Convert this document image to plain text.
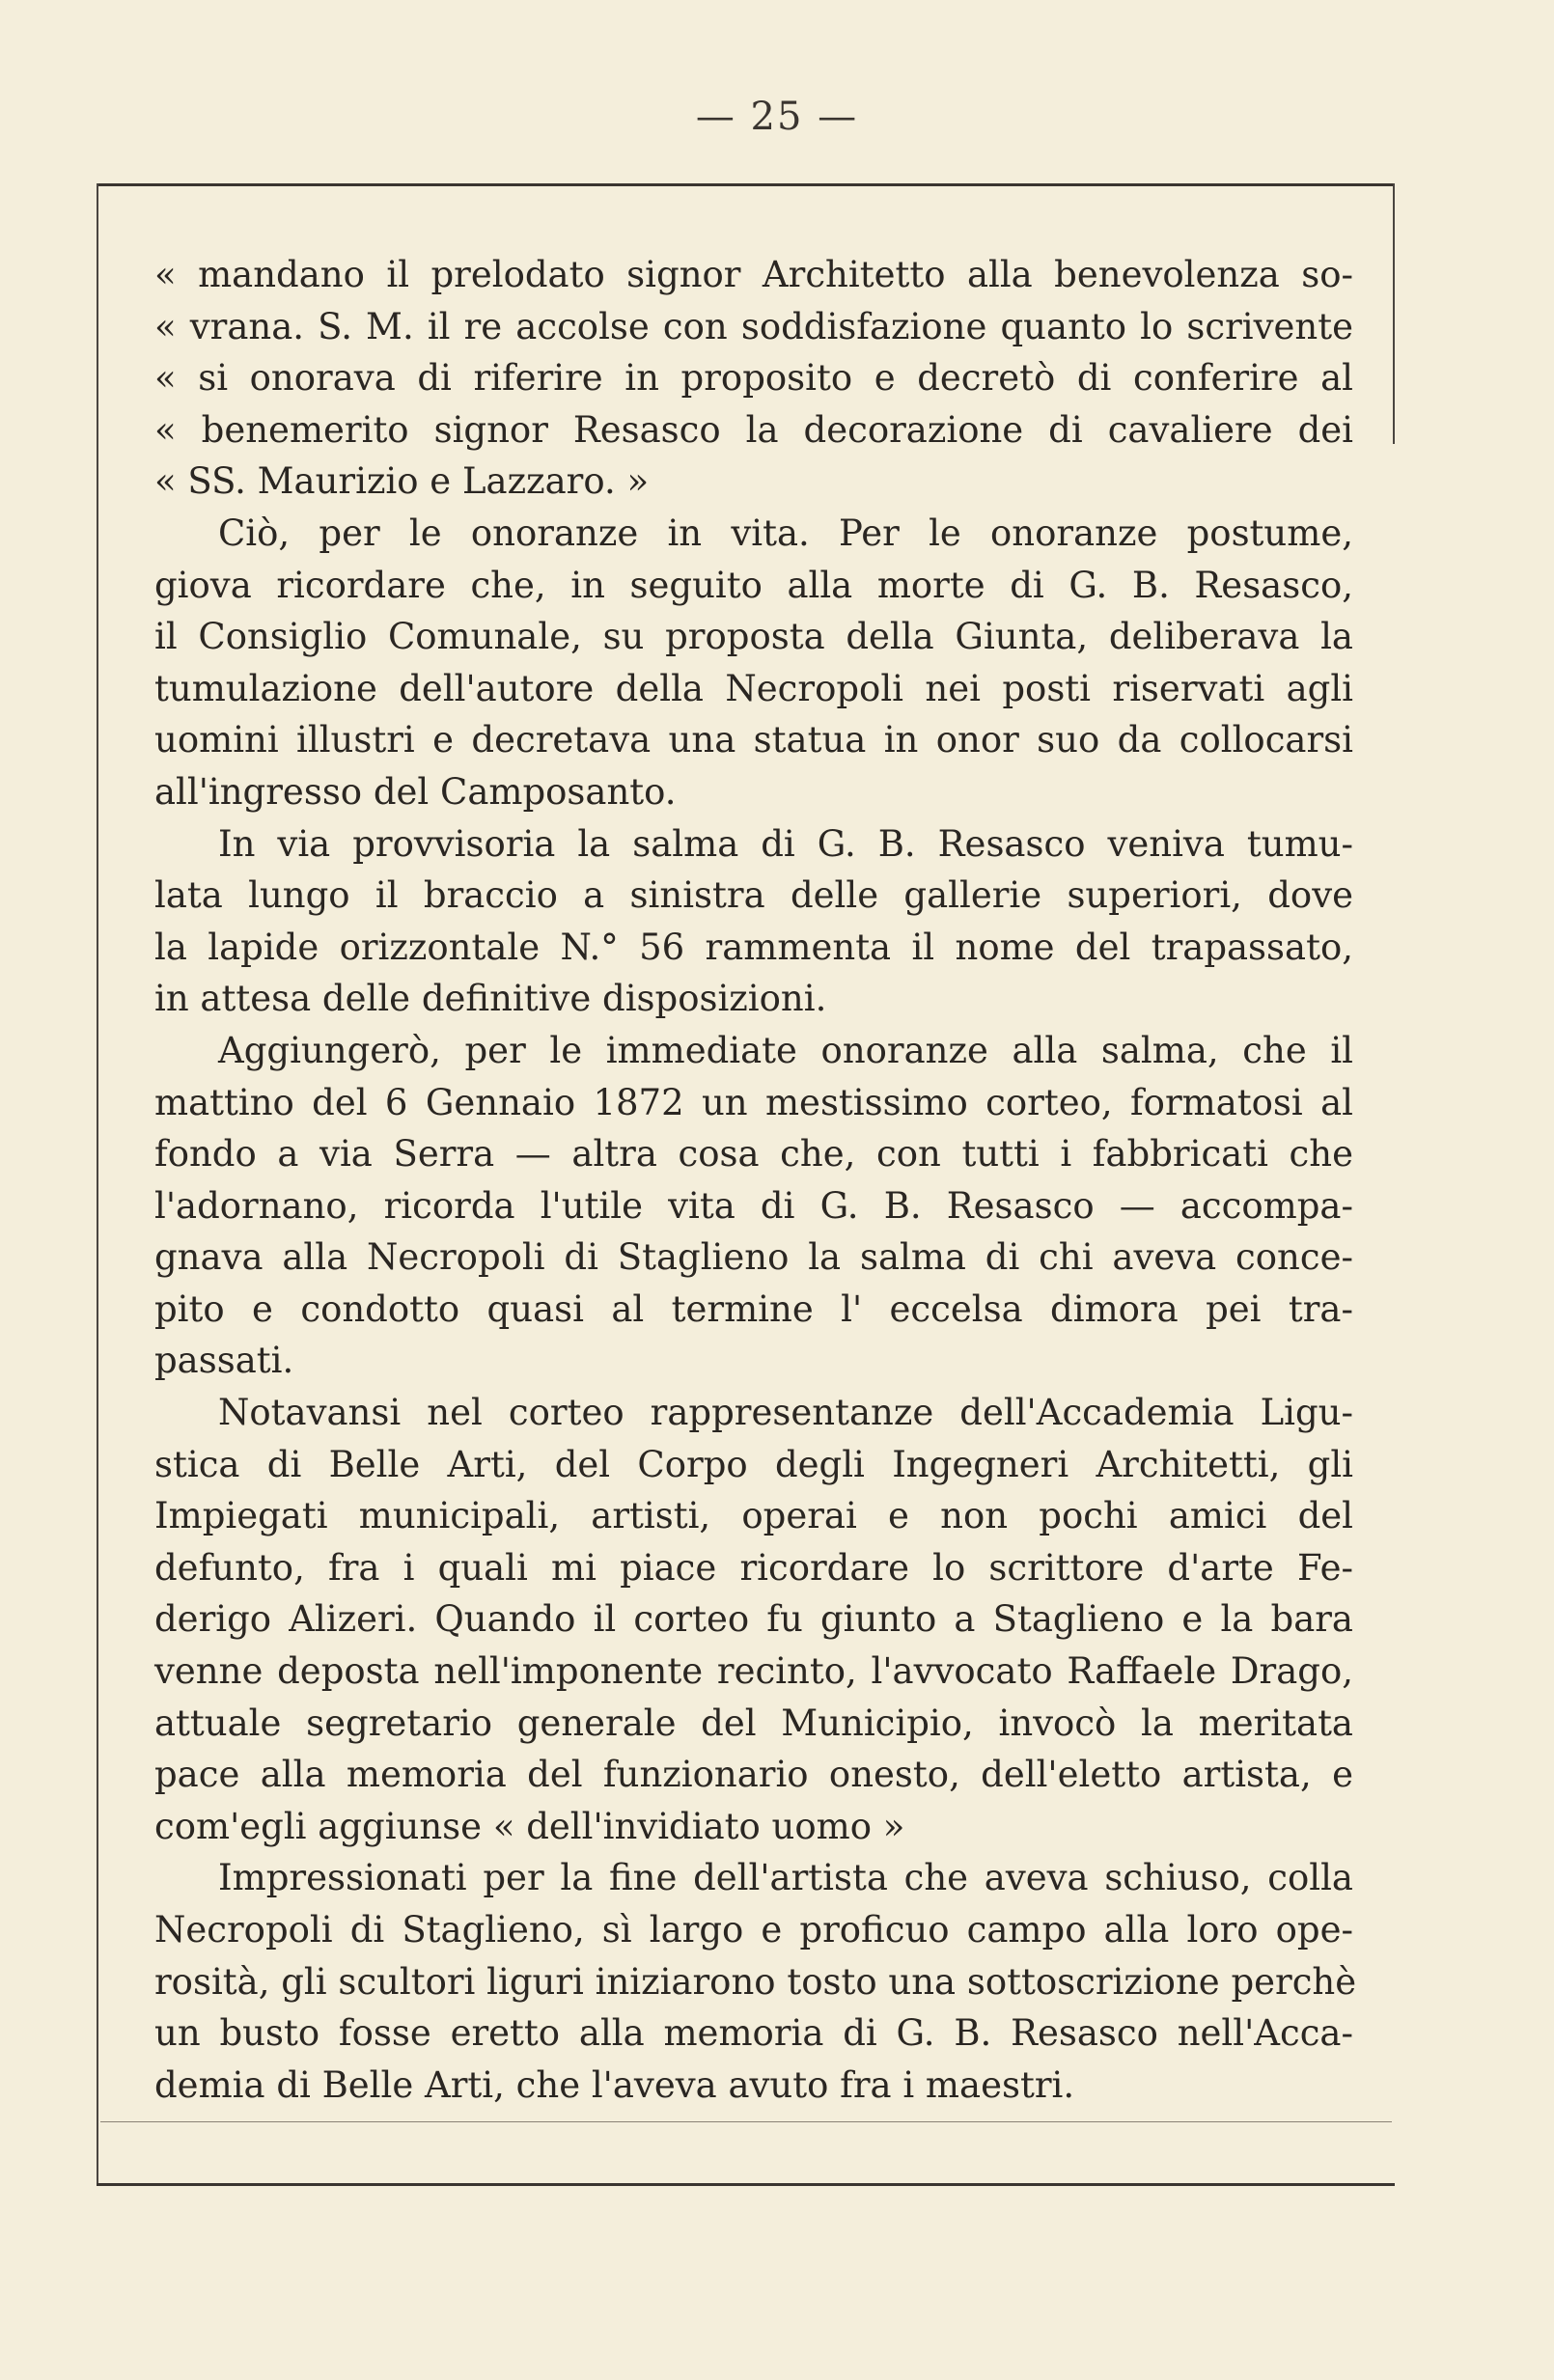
— 25 —
« mandano il prelodato signor Architetto alla benevolenza so-
« vrana. S. M. il re accolse con soddisfazione quanto lo scrivente
« si onorava di riferire in proposito e decretò di conferire al
« benemerito signor Resasco la decorazione di cavaliere dei
« SS. Maurizio e Lazzaro. »
Ciò, per le onoranze in vita. Per le onoranze postume,
giova ricordare che, in seguito alla morte di G. B. Resasco,
il Consiglio Comunale, su proposta della Giunta, deliberava la
tumulazione dell'autore della Necropoli nei posti riservati agli
uomini illustri e decretava una statua in onor suo da collocarsi
all'ingresso del Camposanto.
In via provvisoria la salma di G. B. Resasco veniva tumu-
lata lungo il braccio a sinistra delle gallerie superiori, dove
la lapide orizzontale N.° 56 rammenta il nome del trapassato,
in attesa delle definitive disposizioni.
Aggiungerò, per le immediate onoranze alla salma, che il
mattino del 6 Gennaio 1872 un mestissimo corteo, formatosi al
fondo a via Serra — altra cosa che, con tutti i fabbricati che
l'adornano, ricorda l'utile vita di G. B. Resasco — accompa-
gnava alla Necropoli di Staglieno la salma di chi aveva conce-
pito e condotto quasi al termine l' eccelsa dimora pei tra-
passati.
Notavansi nel corteo rappresentanze dell'Accademia Ligu-
stica di Belle Arti, del Corpo degli Ingegneri Architetti, gli
Impiegati municipali, artisti, operai e non pochi amici del
defunto, fra i quali mi piace ricordare lo scrittore d'arte Fe-
derigo Alizeri. Quando il corteo fu giunto a Staglieno e la bara
venne deposta nell'imponente recinto, l'avvocato Raffaele Drago,
attuale segretario generale del Municipio, invocò la meritata
pace alla memoria del funzionario onesto, dell'eletto artista, e
com'egli aggiunse « dell'invidiato uomo »
Impressionati per la fine dell'artista che aveva schiuso, colla
Necropoli di Staglieno, sì largo e proficuo campo alla loro ope-
rosità, gli scultori liguri iniziarono tosto una sottoscrizione perchè
un busto fosse eretto alla memoria di G. B. Resasco nell'Acca-
demia di Belle Arti, che l'aveva avuto fra i maestri.
